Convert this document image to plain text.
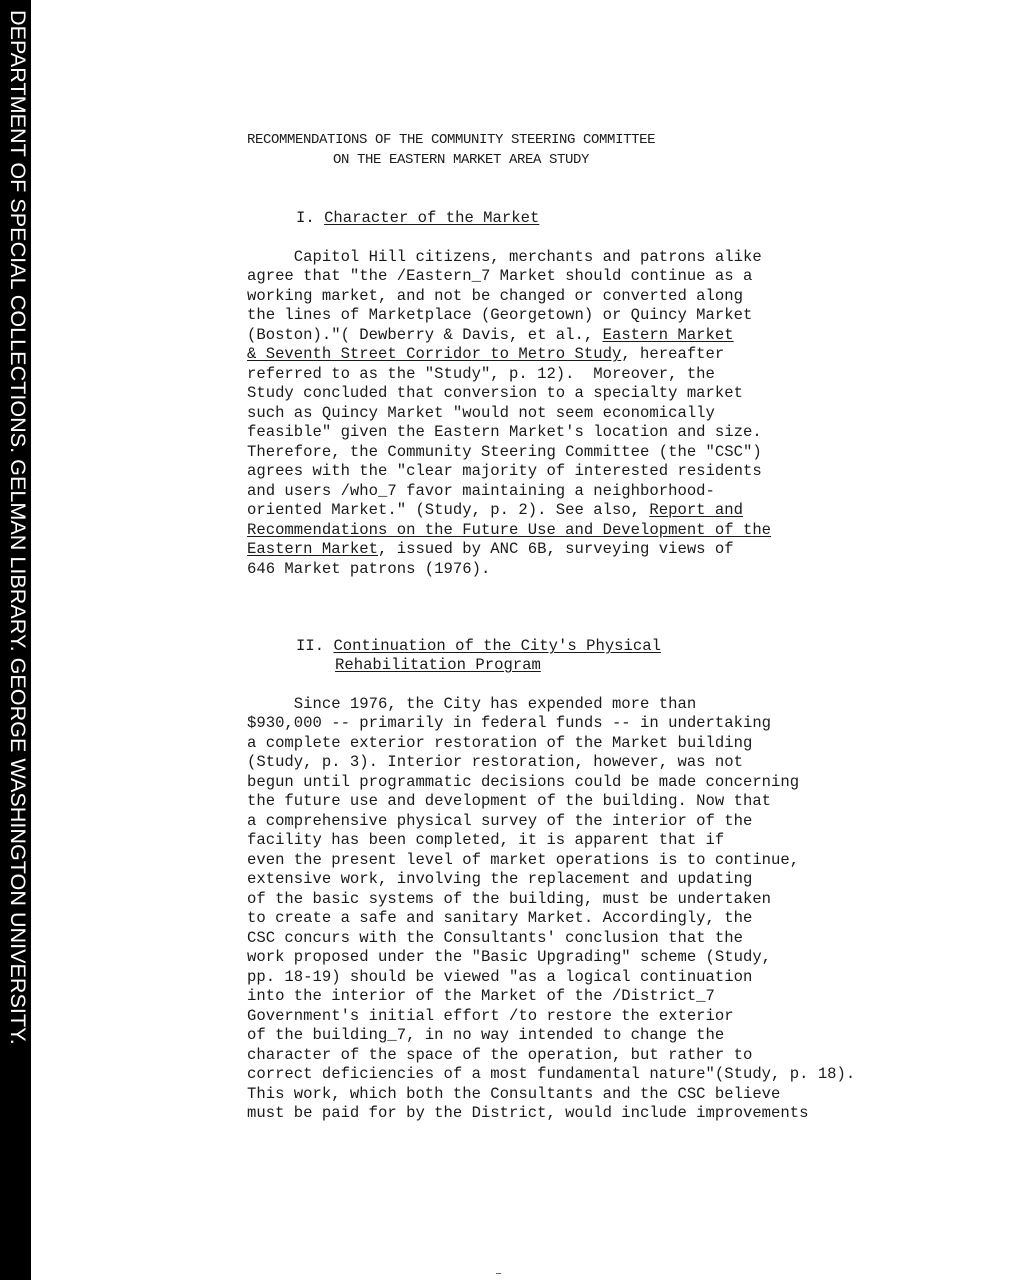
DEPARTMENT OF SPECIAL COLLECTIONS. GELMAN LIBRARY. GEORGE WASHINGTON UNIVERSITY.	RECOMMENDATIONS OF THE COMMUNITY STEERING COMMITTEE
ON THE EASTERN MARKET AREA STUDY
I. Character of the Market
Capitol Hill citizens, merchants and patrons alike
agree that "the /Eastern_7 Market should continue as a
working market, and not be changed or converted along
the lines of Marketplace (Georgetown) or Quincy Market
(Boston)."( Dewberry & Davis, et al., Eastern Market
& Seventh Street Corridor to Metro Study, hereafter
referred to as the "Study", p. 12).  Moreover, the
Study concluded that conversion to a specialty market
such as Quincy Market "would not seem economically
feasible" given the Eastern Market's location and size.
Therefore, the Community Steering Committee (the "CSC")
agrees with the "clear majority of interested residents
and users /who_7 favor maintaining a neighborhood-
oriented Market." (Study, p. 2). See also, Report and
Recommendations on the Future Use and Development of the
Eastern Market, issued by ANC 6B, surveying views of
646 Market patrons (1976).
II. Continuation of the City's Physical
Rehabilitation Program
Since 1976, the City has expended more than
$930,000 -- primarily in federal funds -- in undertaking
a complete exterior restoration of the Market building
(Study, p. 3). Interior restoration, however, was not
begun until programmatic decisions could be made concerning
the future use and development of the building. Now that
a comprehensive physical survey of the interior of the
facility has been completed, it is apparent that if
even the present level of market operations is to continue,
extensive work, involving the replacement and updating
of the basic systems of the building, must be undertaken
to create a safe and sanitary Market. Accordingly, the
CSC concurs with the Consultants' conclusion that the
work proposed under the "Basic Upgrading" scheme (Study,
pp. 18-19) should be viewed "as a logical continuation
into the interior of the Market of the /District_7
Government's initial effort /to restore the exterior
of the building_7, in no way intended to change the
character of the space of the operation, but rather to
correct deficiencies of a most fundamental nature"(Study, p. 18).
This work, which both the Consultants and the CSC believe
must be paid for by the District, would include improvements
